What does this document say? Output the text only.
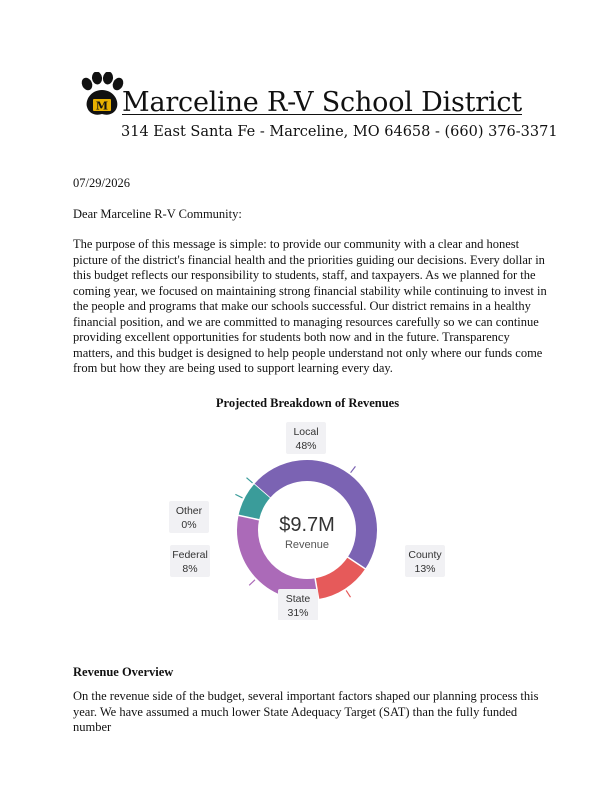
M Marceline R-V School District
314 East Santa Fe - Marceline, MO 64658 - (660) 376-3371

07/29/2026

Dear Marceline R-V Community:

The purpose of this message is simple: to provide our community with a clear and honest picture of the district's financial health and the priorities guiding our decisions. Every dollar in this budget reflects our responsibility to students, staff, and taxpayers. As we planned for the coming year, we focused on maintaining strong financial stability while continuing to invest in the people and programs that make our schools successful. Our district remains in a healthy financial position, and we are committed to managing resources carefully so we can continue providing excellent opportunities for students both now and in the future. Transparency matters, and this budget is designed to help people understand not only where our funds come from but how they are being used to support learning every day.

Projected Breakdown of Revenues
Local
48%
County
13%
State
31%
Federal
8%
Other
0%	$9.7M
Revenue
Revenue Overview

On the revenue side of the budget, several important factors shaped our planning process this year. We have assumed a much lower State Adequacy Target (SAT) than the fully funded number
